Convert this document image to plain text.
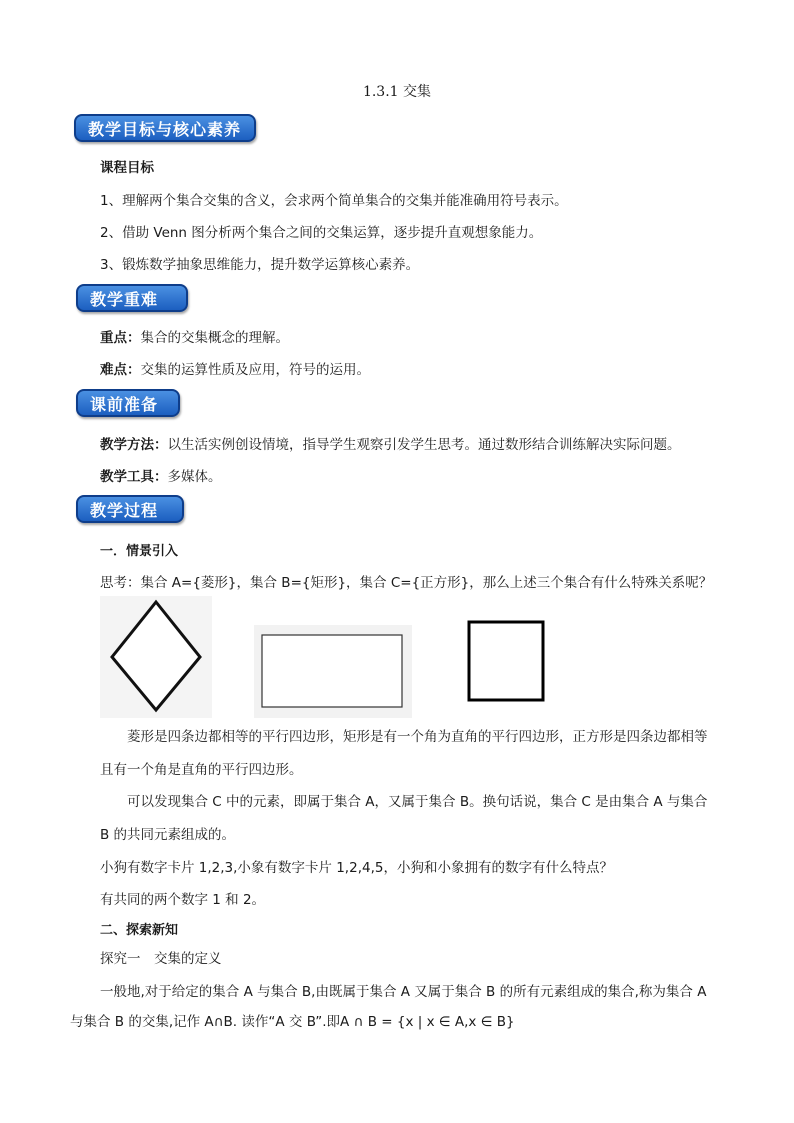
1.3.1 交集
教学目标与核心素养
课程目标
1、理解两个集合交集的含义，会求两个简单集合的交集并能准确用符号表示。
2、借助 Venn 图分析两个集合之间的交集运算，逐步提升直观想象能力。
3、锻炼数学抽象思维能力，提升数学运算核心素养。
教学重难点
重点：集合的交集概念的理解。
难点：交集的运算性质及应用，符号的运用。
课前准备
教学方法：以生活实例创设情境，指导学生观察引发学生思考。通过数形结合训练解决实际问题。
教学工具：多媒体。
教学过程
一．情景引入
思考：集合 A={菱形}，集合 B={矩形}，集合 C={正方形}，那么上述三个集合有什么特殊关系呢？
菱形是四条边都相等的平行四边形，矩形是有一个角为直角的平行四边形，正方形是四条边都相等且有一个角是直角的平行四边形。
可以发现集合 C 中的元素，即属于集合 A，又属于集合 B。换句话说，集合 C 是由集合 A 与集合 B 的共同元素组成的。
小狗有数字卡片 1,2,3,小象有数字卡片 1,2,4,5，小狗和小象拥有的数字有什么特点？
有共同的两个数字 1 和 2。
二、探索新知
探究一　交集的定义
一般地,对于给定的集合 A 与集合 B,由既属于集合 A 又属于集合 B 的所有元素组成的集合,称为集合 A
与集合 B 的交集,记作 A∩B. 读作“A 交 B”.即A ∩ B = {x | x ∈ A,x ∈ B}
